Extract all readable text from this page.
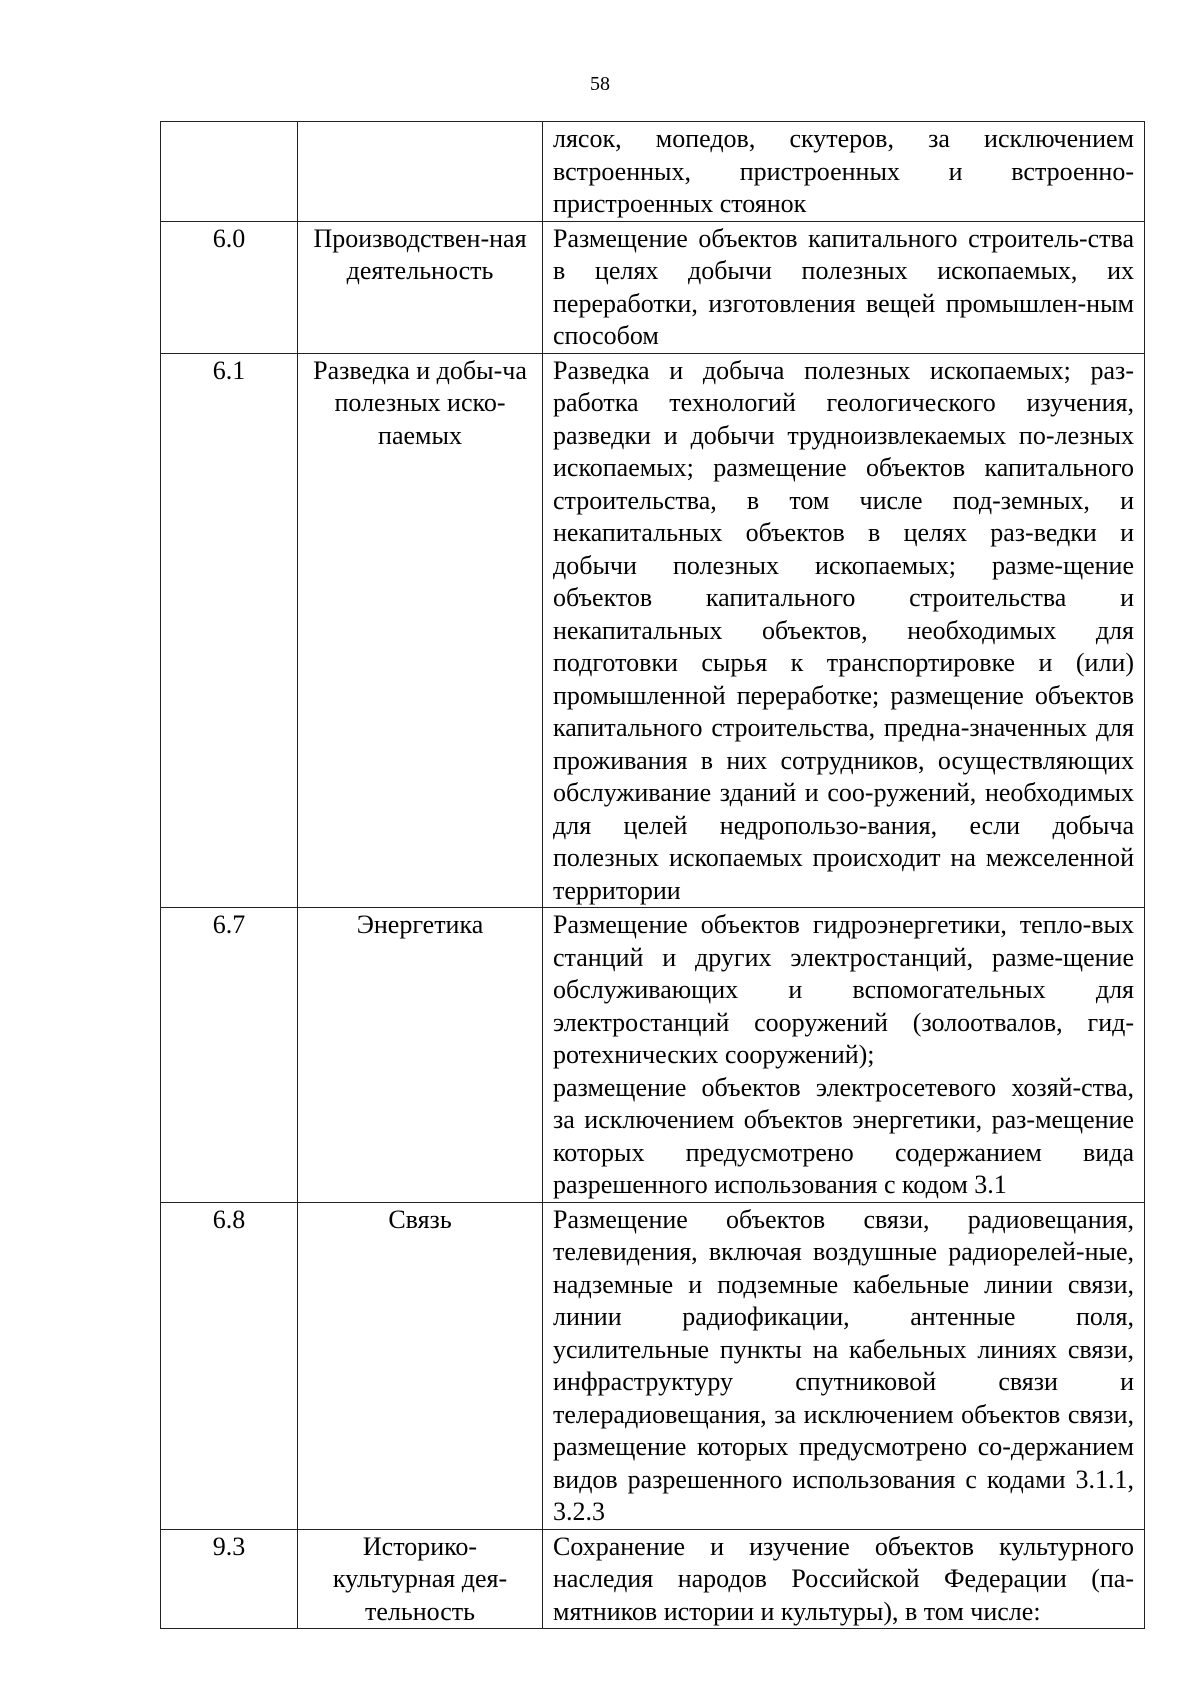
58

		лясок, мопедов, скутеров, за исключением встроенных, пристроенных и встроенно-пристроенных стоянок

6.0	Производствен-ная деятельность	Размещение объектов капитального строитель-ства в целях добычи полезных ископаемых, их переработки, изготовления вещей промышлен-ным способом

6.1	Разведка и добы-ча полезных иско-паемых	Разведка и добыча полезных ископаемых; раз-работка технологий геологического изучения, разведки и добычи трудноизвлекаемых по-лезных ископаемых; размещение объектов капитального строительства, в том числе под-земных, и некапитальных объектов в целях раз-ведки и добычи полезных ископаемых; разме-щение объектов капитального строительства и некапитальных объектов, необходимых для подготовки сырья к транспортировке и (или) промышленной переработке; размещение объектов капитального строительства, предна-значенных для проживания в них сотрудников, осуществляющих обслуживание зданий и соо-ружений, необходимых для целей недропользо-вания, если добыча полезных ископаемых происходит на межселенной территории

6.7	Энергетика	Размещение объектов гидроэнергетики, тепло-вых станций и других электростанций, разме-щение обслуживающих и вспомогательных для электростанций сооружений (золоотвалов, гид-ротехнических сооружений);
размещение объектов электросетевого хозяй-ства, за исключением объектов энергетики, раз-мещение которых предусмотрено содержанием вида разрешенного использования с кодом 3.1

6.8	Связь	Размещение объектов связи, радиовещания, телевидения, включая воздушные радиорелей-ные, надземные и подземные кабельные линии связи, линии радиофикации, антенные поля, усилительные пункты на кабельных линиях связи, инфраструктуру спутниковой связи и телерадиовещания, за исключением объектов связи, размещение которых предусмотрено со-держанием видов разрешенного использования с кодами 3.1.1, 3.2.3

9.3	Историко-культурная дея-тельность	Сохранение и изучение объектов культурного наследия народов Российской Федерации (па-мятников истории и культуры), в том числе:
